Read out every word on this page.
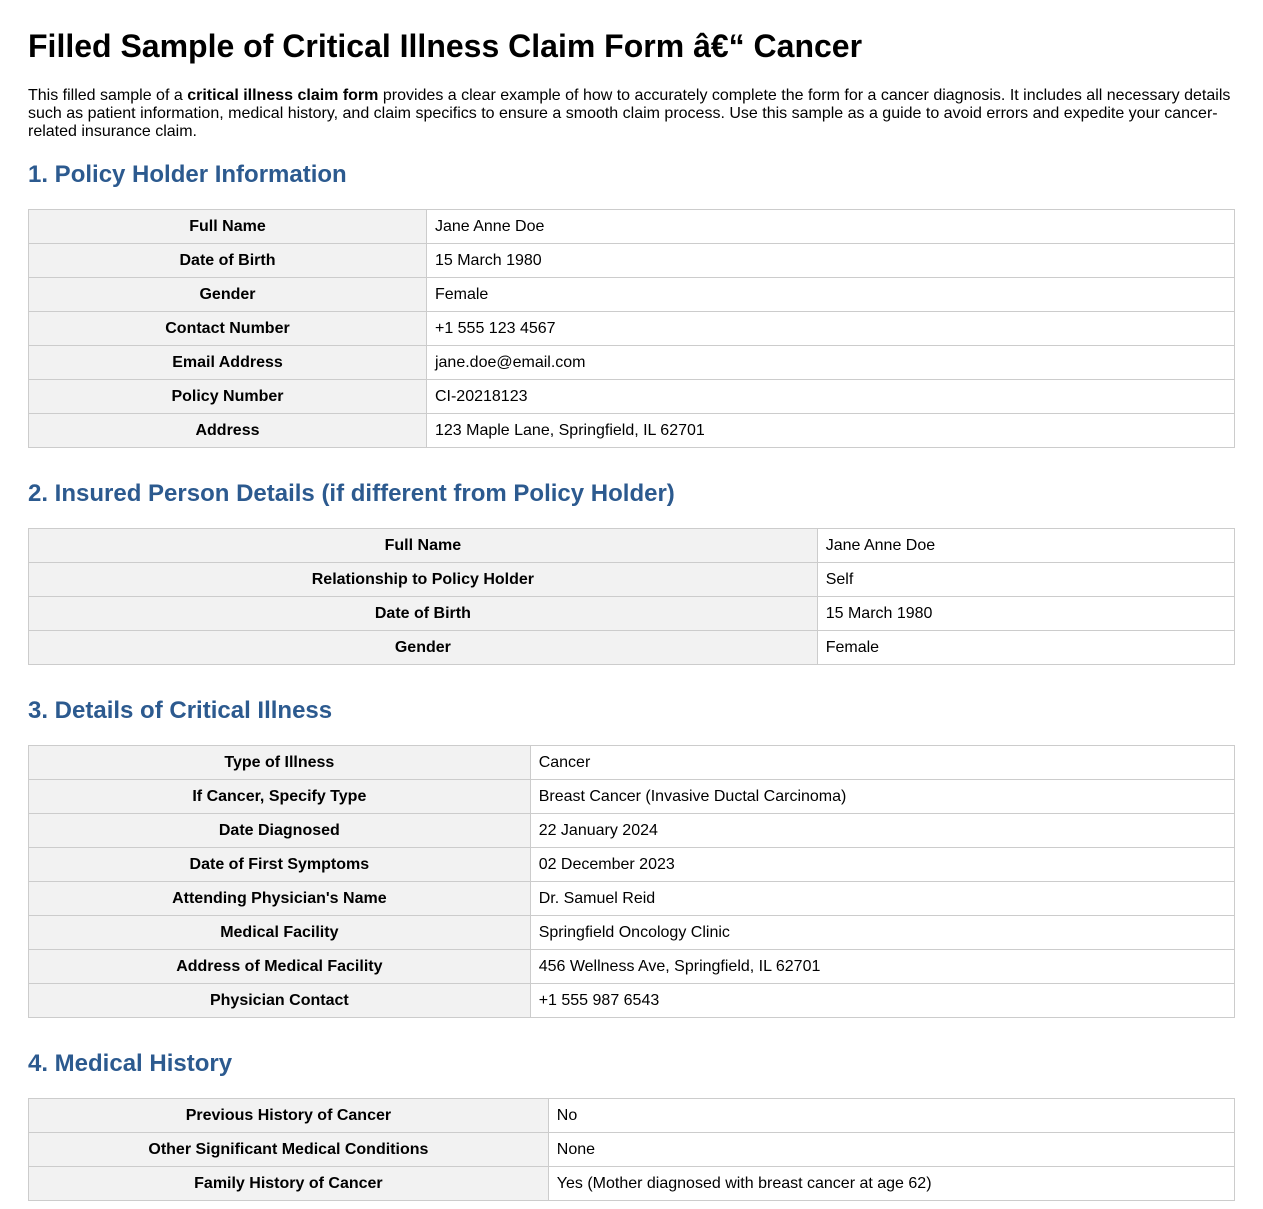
Filled Sample of Critical Illness Claim Form â€“ Cancer

This filled sample of a critical illness claim form provides a clear example of how to accurately complete the form for a cancer diagnosis. It includes all necessary details such as patient information, medical history, and claim specifics to ensure a smooth claim process. Use this sample as a guide to avoid errors and expedite your cancer-related insurance claim.

1. Policy Holder Information
Full Name	Jane Anne Doe
Date of Birth	15 March 1980
Gender	Female
Contact Number	+1 555 123 4567
Email Address	jane.doe@email.com
Policy Number	CI-20218123
Address	123 Maple Lane, Springfield, IL 62701
2. Insured Person Details (if different from Policy Holder)
Full Name	Jane Anne Doe
Relationship to Policy Holder	Self
Date of Birth	15 March 1980
Gender	Female
3. Details of Critical Illness
Type of Illness	Cancer
If Cancer, Specify Type	Breast Cancer (Invasive Ductal Carcinoma)
Date Diagnosed	22 January 2024
Date of First Symptoms	02 December 2023
Attending Physician's Name	Dr. Samuel Reid
Medical Facility	Springfield Oncology Clinic
Address of Medical Facility	456 Wellness Ave, Springfield, IL 62701
Physician Contact	+1 555 987 6543
4. Medical History
Previous History of Cancer	No
Other Significant Medical Conditions	None
Family History of Cancer	Yes (Mother diagnosed with breast cancer at age 62)
